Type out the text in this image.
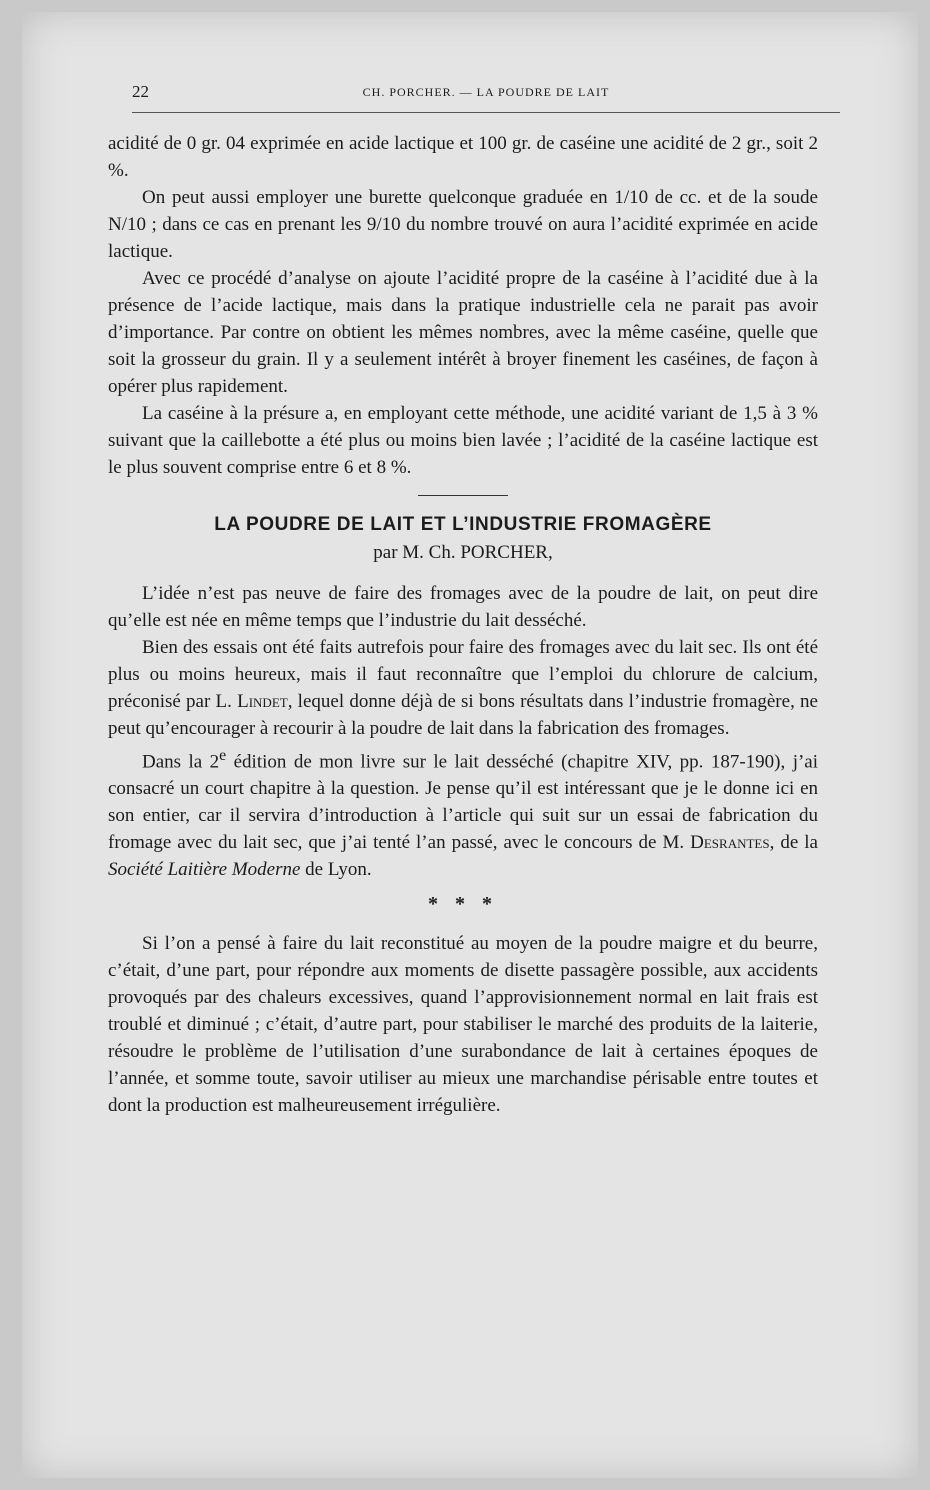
22	CH. PORCHER. — LA POUDRE DE LAIT

acidité de 0 gr. 04 exprimée en acide lactique et 100 gr. de caséine une acidité de 2 gr., soit 2 %.

On peut aussi employer une burette quelconque graduée en 1/10 de cc. et de la soude N/10 ; dans ce cas en prenant les 9/10 du nombre trouvé on aura l’acidité exprimée en acide lactique.

Avec ce procédé d’analyse on ajoute l’acidité propre de la caséine à l’acidité due à la présence de l’acide lactique, mais dans la pratique industrielle cela ne parait pas avoir d’importance. Par contre on obtient les mêmes nombres, avec la même caséine, quelle que soit la grosseur du grain. Il y a seulement intérêt à broyer finement les caséines, de façon à opérer plus rapidement.

La caséine à la présure a, en employant cette méthode, une acidité variant de 1,5 à 3 % suivant que la caillebotte a été plus ou moins bien lavée ; l’acidité de la caséine lactique est le plus souvent comprise entre 6 et 8 %.

LA POUDRE DE LAIT ET L’INDUSTRIE FROMAGÈRE
par M. Ch. PORCHER,

L’idée n’est pas neuve de faire des fromages avec de la poudre de lait, on peut dire qu’elle est née en même temps que l’industrie du lait desséché.

Bien des essais ont été faits autrefois pour faire des fromages avec du lait sec. Ils ont été plus ou moins heureux, mais il faut reconnaître que l’emploi du chlorure de calcium, préconisé par L. Lindet, lequel donne déjà de si bons résultats dans l’industrie fromagère, ne peut qu’encourager à recourir à la poudre de lait dans la fabrication des fromages.

Dans la 2e édition de mon livre sur le lait desséché (chapitre XIV, pp. 187-190), j’ai consacré un court chapitre à la question. Je pense qu’il est intéressant que je le donne ici en son entier, car il servira d’introduction à l’article qui suit sur un essai de fabrication du fromage avec du lait sec, que j’ai tenté l’an passé, avec le concours de M. Desrantes, de la Société Laitière Moderne de Lyon.

* * *

Si l’on a pensé à faire du lait reconstitué au moyen de la poudre maigre et du beurre, c’était, d’une part, pour répondre aux moments de disette passagère possible, aux accidents provoqués par des chaleurs excessives, quand l’approvisionnement normal en lait frais est troublé et diminué ; c’était, d’autre part, pour stabiliser le marché des produits de la laiterie, résoudre le problème de l’utilisation d’une surabondance de lait à certaines époques de l’année, et somme toute, savoir utiliser au mieux une marchandise périsable entre toutes et dont la production est malheureusement irrégulière.
